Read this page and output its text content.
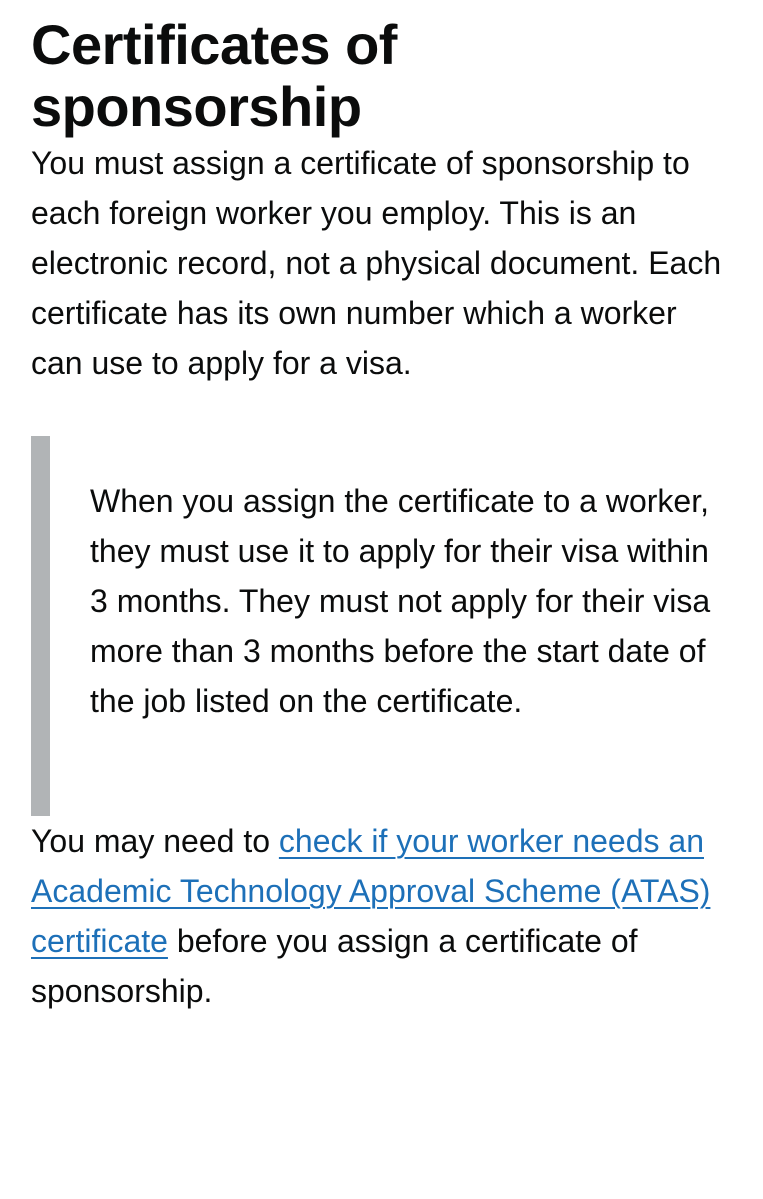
Certificates of sponsorship

You must assign a certificate of sponsorship to each foreign worker you employ. This is an electronic record, not a physical document. Each certificate has its own number which a worker can use to apply for a visa.

When you assign the certificate to a worker, they must use it to apply for their visa within 3 months. They must not apply for their visa more than 3 months before the start date of the job listed on the certificate.

You may need to check if your worker needs an Academic Technology Approval Scheme (ATAS) certificate before you assign a certificate of sponsorship.
